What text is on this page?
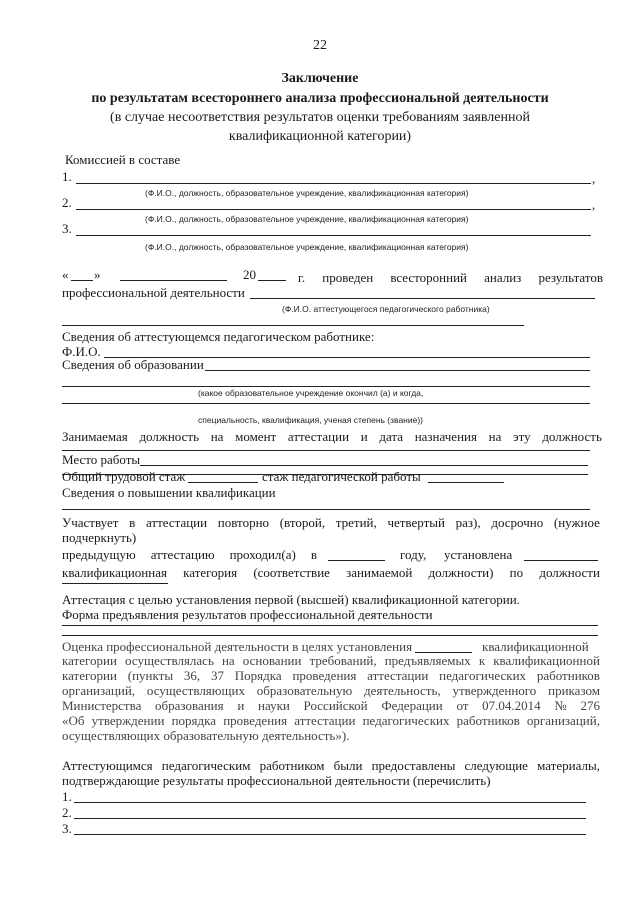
22
Заключение
по результатам всестороннего анализа профессиональной деятельности
(в случае несоответствия результатов оценки требованиям заявленной
квалификационной категории)
Комиссией в составе
1.	,
(Ф.И.О., должность, образовательное учреждение, квалификационная категория)
2.	,
(Ф.И.О., должность, образовательное учреждение, квалификационная категория)
3.
(Ф.И.О., должность, образовательное учреждение, квалификационная категория)
« »	20	г. проведен всесторонний анализ результатов
профессиональной деятельности
(Ф.И.О. аттестующегося педагогического работника)
Сведения об аттестующемся педагогическом работнике:
Ф.И.О.
Сведения об образовании
(какое образовательное учреждение окончил (а) и когда,
специальность, квалификация, ученая степень (звание))
Занимаемая должность на момент аттестации и дата назначения на эту должность
Место работы
Общий трудовой стаж	стаж педагогической работы
Сведения о повышении квалификации
Участвует в аттестации повторно (второй, третий, четвертый раз), досрочно (нужное
подчеркнуть)
предыдущую аттестацию проходил(а) в	году, установлена
квалификационная категория (соответствие занимаемой должности) по должности
Аттестация с целью установления первой (высшей) квалификационной категории.
Форма предъявления результатов профессиональной деятельности
Оценка профессиональной деятельности в целях установления	квалификационной
категории осуществлялась на основании требований, предъявляемых к квалификационной
категории (пункты 36, 37 Порядка проведения аттестации педагогических работников
организаций, осуществляющих образовательную деятельность, утвержденного приказом
Министерства образования и науки Российской Федерации от 07.04.2014 № 276
«Об утверждении порядка проведения аттестации педагогических работников организаций,
осуществляющих образовательную деятельность»).
Аттестующимся педагогическим работником были предоставлены следующие материалы,
подтверждающие результаты профессиональной деятельности (перечислить)
1.
2.
3.
